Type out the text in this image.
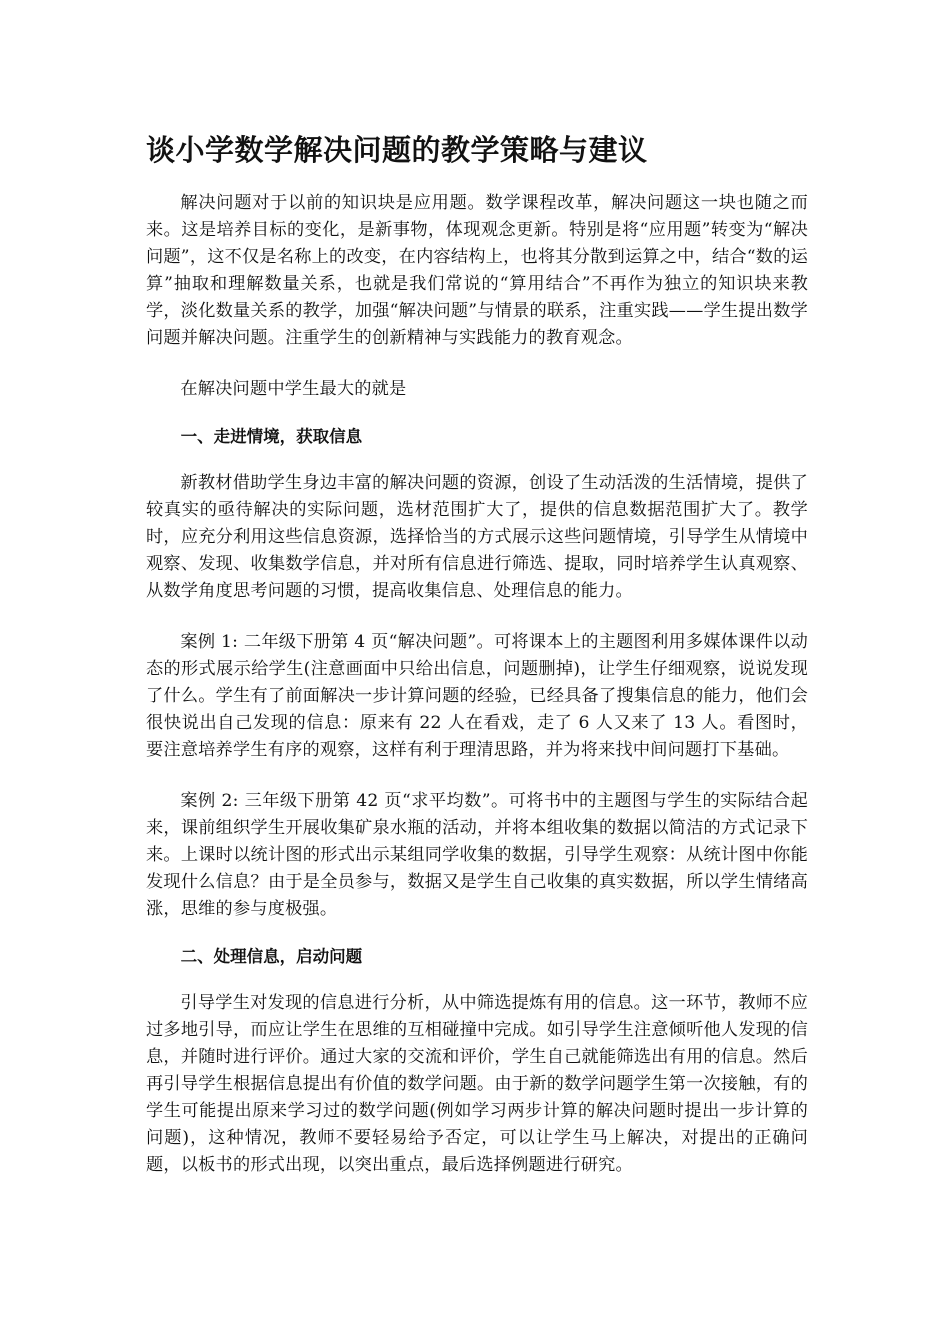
谈小学数学解决问题的教学策略与建议

解决问题对于以前的知识块是应用题。数学课程改革，解决问题这一块也随之而来。这是培养目标的变化，是新事物，体现观念更新。特别是将“应用题”转变为“解决问题”，这不仅是名称上的改变，在内容结构上，也将其分散到运算之中，结合“数的运算”抽取和理解数量关系，也就是我们常说的“算用结合”不再作为独立的知识块来教学，淡化数量关系的教学，加强“解决问题”与情景的联系，注重实践——学生提出数学问题并解决问题。注重学生的创新精神与实践能力的教育观念。

在解决问题中学生最大的就是

一、走进情境，获取信息

新教材借助学生身边丰富的解决问题的资源，创设了生动活泼的生活情境，提供了较真实的亟待解决的实际问题，选材范围扩大了，提供的信息数据范围扩大了。教学时，应充分利用这些信息资源，选择恰当的方式展示这些问题情境，引导学生从情境中观察、发现、收集数学信息，并对所有信息进行筛选、提取，同时培养学生认真观察、从数学角度思考问题的习惯，提高收集信息、处理信息的能力。

案例 1: 二年级下册第 4 页“解决问题”。可将课本上的主题图利用多媒体课件以动态的形式展示给学生(注意画面中只给出信息，问题删掉)，让学生仔细观察，说说发现了什么。学生有了前面解决一步计算问题的经验，已经具备了搜集信息的能力，他们会很快说出自己发现的信息：原来有 22 人在看戏，走了 6 人又来了 13 人。看图时，要注意培养学生有序的观察，这样有利于理清思路，并为将来找中间问题打下基础。

案例 2: 三年级下册第 42 页“求平均数”。可将书中的主题图与学生的实际结合起来，课前组织学生开展收集矿泉水瓶的活动，并将本组收集的数据以简洁的方式记录下来。上课时以统计图的形式出示某组同学收集的数据，引导学生观察：从统计图中你能发现什么信息？由于是全员参与，数据又是学生自己收集的真实数据，所以学生情绪高涨，思维的参与度极强。

二、处理信息，启动问题

引导学生对发现的信息进行分析，从中筛选提炼有用的信息。这一环节，教师不应过多地引导，而应让学生在思维的互相碰撞中完成。如引导学生注意倾听他人发现的信息，并随时进行评价。通过大家的交流和评价，学生自己就能筛选出有用的信息。然后再引导学生根据信息提出有价值的数学问题。由于新的数学问题学生第一次接触，有的学生可能提出原来学习过的数学问题(例如学习两步计算的解决问题时提出一步计算的问题)，这种情况，教师不要轻易给予否定，可以让学生马上解决，对提出的正确问题，以板书的形式出现，以突出重点，最后选择例题进行研究。
